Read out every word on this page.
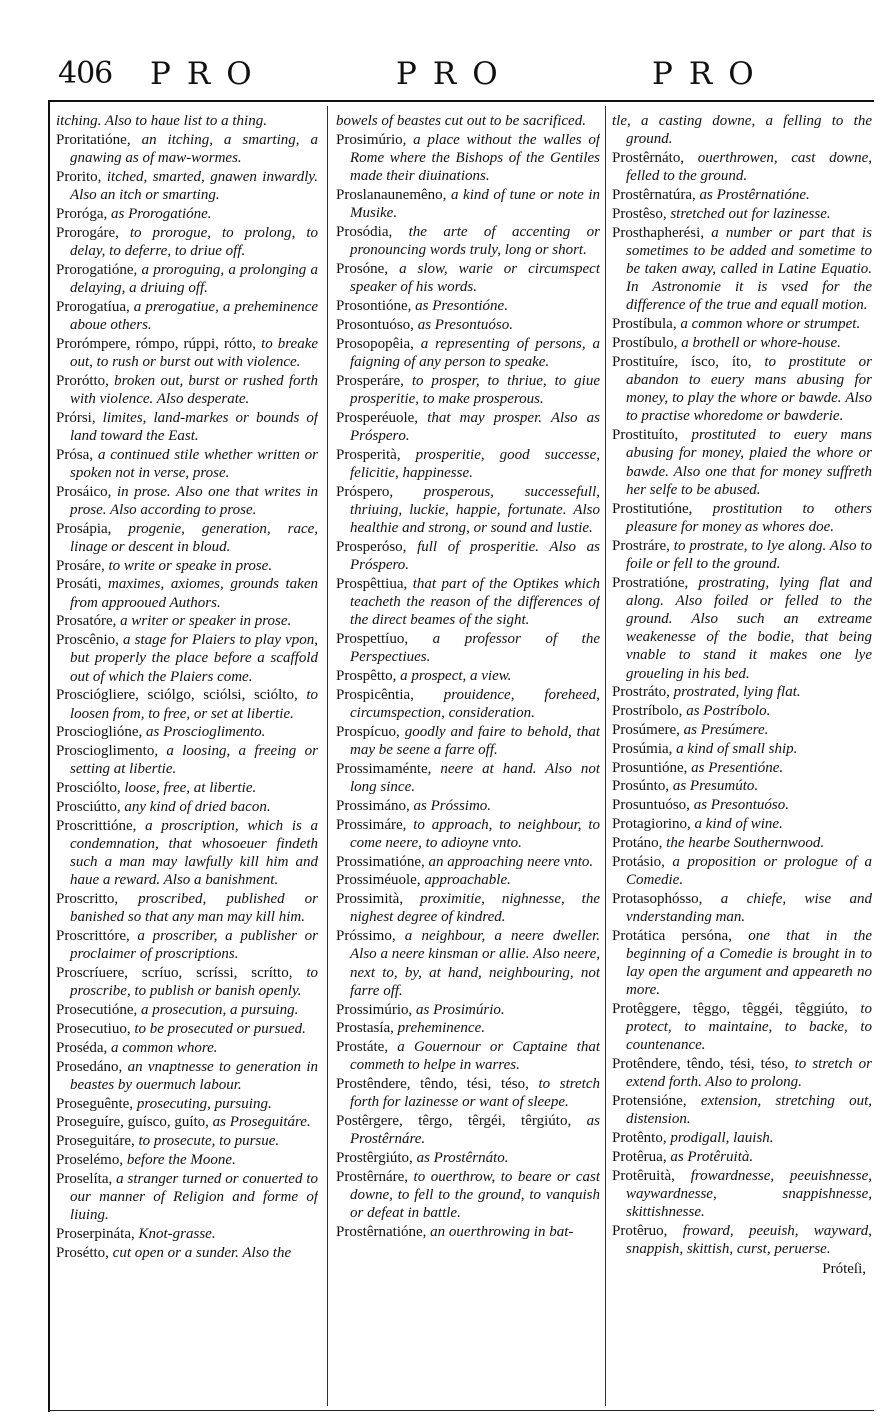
406 PRO	PRO	PRO
itching. Also to haue list to a thing.
Proritatióne, an itching, a smarting, a gnawing as of maw-wormes.
Prorito, itched, smarted, gnawen inwardly. Also an itch or smarting.
Proróga, as Prorogatióne.
Prorogáre, to prorogue, to prolong, to delay, to deferre, to driue off.
Prorogatióne, a proroguing, a prolonging a delaying, a driuing off.
Prorogatíua, a prerogatiue, a preheminence aboue others.
Prorómpere, rómpo, rúppi, rótto, to breake out, to rush or burst out with violence.
Prorótto, broken out, burst or rushed forth with violence. Also desperate.
Prórsi, limites, land-markes or bounds of land toward the East.
Prósa, a continued stile whether written or spoken not in verse, prose.
Prosáico, in prose. Also one that writes in prose. Also according to prose.
Prosápia, progenie, generation, race, linage or descent in bloud.
Prosáre, to write or speake in prose.
Prosáti, maximes, axiomes, grounds taken from approoued Authors.
Prosatóre, a writer or speaker in prose.
Proscênio, a stage for Plaiers to play vpon, but properly the place before a scaffold out of which the Plaiers come.
Prosciógliere, sciólgo, sciólsi, sciólto, to loosen from, to free, or set at libertie.
Proscioglióne, as Proscioglimento.
Proscioglimento, a loosing, a freeing or setting at libertie.
Prosciólto, loose, free, at libertie.
Prosciútto, any kind of dried bacon.
Proscrittióne, a proscription, which is a condemnation, that whosoeuer findeth such a man may lawfully kill him and haue a reward. Also a banishment.
Proscritto, proscribed, published or banished so that any man may kill him.
Proscrittóre, a proscriber, a publisher or proclaimer of proscriptions.
Proscríuere, scríuo, scríssi, scrítto, to proscribe, to publish or banish openly.
Prosecutióne, a prosecution, a pursuing.
Prosecutiuo, to be prosecuted or pursued.
Proséda, a common whore.
Prosedáno, an vnaptnesse to generation in beastes by ouermuch labour.
Proseguênte, prosecuting, pursuing.
Proseguíre, guísco, guíto, as Proseguitáre.
Proseguitáre, to prosecute, to pursue.
Proselémo, before the Moone.
Proselíta, a stranger turned or conuerted to our manner of Religion and forme of liuing.
Proserpináta, Knot-grasse.
Prosétto, cut open or a sunder. Also the
bowels of beastes cut out to be sacrificed.
Prosimúrio, a place without the walles of Rome where the Bishops of the Gentiles made their diuinations.
Proslanaunemêno, a kind of tune or note in Musike.
Prosódia, the arte of accenting or pronouncing words truly, long or short.
Prosóne, a slow, warie or circumspect speaker of his words.
Prosontióne, as Presontióne.
Prosontuóso, as Presontuóso.
Prosopopêia, a representing of persons, a faigning of any person to speake.
Prosperáre, to prosper, to thriue, to giue prosperitie, to make prosperous.
Prosperéuole, that may prosper. Also as Prósperо.
Prosperità, prosperitie, good successe, felicitie, happinesse.
Próspero, prosperous, successefull, thriuing, luckie, happie, fortunate. Also healthie and strong, or sound and lustie.
Prosperóso, full of prosperitie. Also as Próspero.
Prospêttiua, that part of the Optikes which teacheth the reason of the differences of the direct beames of the sight.
Prospettíuo, a professor of the Perspectiues.
Prospêtto, a prospect, a view.
Prospicêntia, prouidence, foreheed, circumspection, consideration.
Prospícuo, goodly and faire to behold, that may be seene a farre off.
Prossimaménte, neere at hand. Also not long since.
Prossimáno, as Próssimo.
Prossimáre, to approach, to neighbour, to come neere, to adioyne vnto.
Prossimatióne, an approaching neere vnto.
Prossiméuole, approachable.
Prossimità, proximitie, nighnesse, the nighest degree of kindred.
Próssimo, a neighbour, a neere dweller. Also a neere kinsman or allie. Also neere, next to, by, at hand, neighbouring, not farre off.
Prossimúrio, as Prosimúrio.
Prostasía, preheminence.
Prostáte, a Gouernour or Captaine that commeth to helpe in warres.
Prostêndere, têndo, tési, téso, to stretch forth for lazinesse or want of sleepe.
Postêrgere, têrgo, têrgéi, têrgiúto, as Prostêrnáre.
Prostêrgiúto, as Prostêrnáto.
Prostêrnáre, to ouerthrow, to beare or cast downe, to fell to the ground, to vanquish or defeat in battle.
Prostêrnatióne, an ouerthrowing in bat-
tle, a casting downe, a felling to the ground.
Prostêrnáto, ouerthrowen, cast downe, felled to the ground.
Prostêrnatúra, as Prostêrnatióne.
Prostêso, stretched out for lazinesse.
Prosthapherési, a number or part that is sometimes to be added and sometime to be taken away, called in Latine Equatio. In Astronomie it is vsed for the difference of the true and equall motion.
Prostíbula, a common whore or strumpet.
Prostíbulo, a brothell or whore-house.
Prostituíre, ísco, íto, to prostitute or abandon to euery mans abusing for money, to play the whore or bawde. Also to practise whoredome or bawderie.
Prostituíto, prostituted to euery mans abusing for money, plaied the whore or bawde. Also one that for money suffreth her selfe to be abused.
Prostitutióne, prostitution to others pleasure for money as whores doe.
Prostráre, to prostrate, to lye along. Also to foile or fell to the ground.
Prostratióne, prostrating, lying flat and along. Also foiled or felled to the ground. Also such an extreame weakenesse of the bodie, that being vnable to stand it makes one lye groueling in his bed.
Prostráto, prostrated, lying flat.
Prostríbolo, as Postríbolo.
Prosúmere, as Presúmere.
Prosúmia, a kind of small ship.
Prosuntióne, as Presentióne.
Prosúnto, as Presumúto.
Prosuntuóso, as Presontuóso.
Protagiorino, a kind of wine.
Protáno, the hearbe Southernwood.
Protásio, a proposition or prologue of a Comedie.
Protasophósso, a chiefe, wise and vnderstanding man.
Protática persóna, one that in the beginning of a Comedie is brought in to lay open the argument and appeareth no more.
Protêggere, têggo, têggéi, têggiúto, to protect, to maintaine, to backe, to countenance.
Protêndere, têndo, tési, téso, to stretch or extend forth. Also to prolong.
Protensióne, extension, stretching out, distension.
Protênto, prodigall, lauish.
Protêrua, as Protêruità.
Protêruità, frowardnesse, peeuishnesse, waywardnesse, snappishnesse, skittishnesse.
Protêruo, froward, peeuish, wayward, snappish, skittish, curst, peruerse.
Próteſi,
